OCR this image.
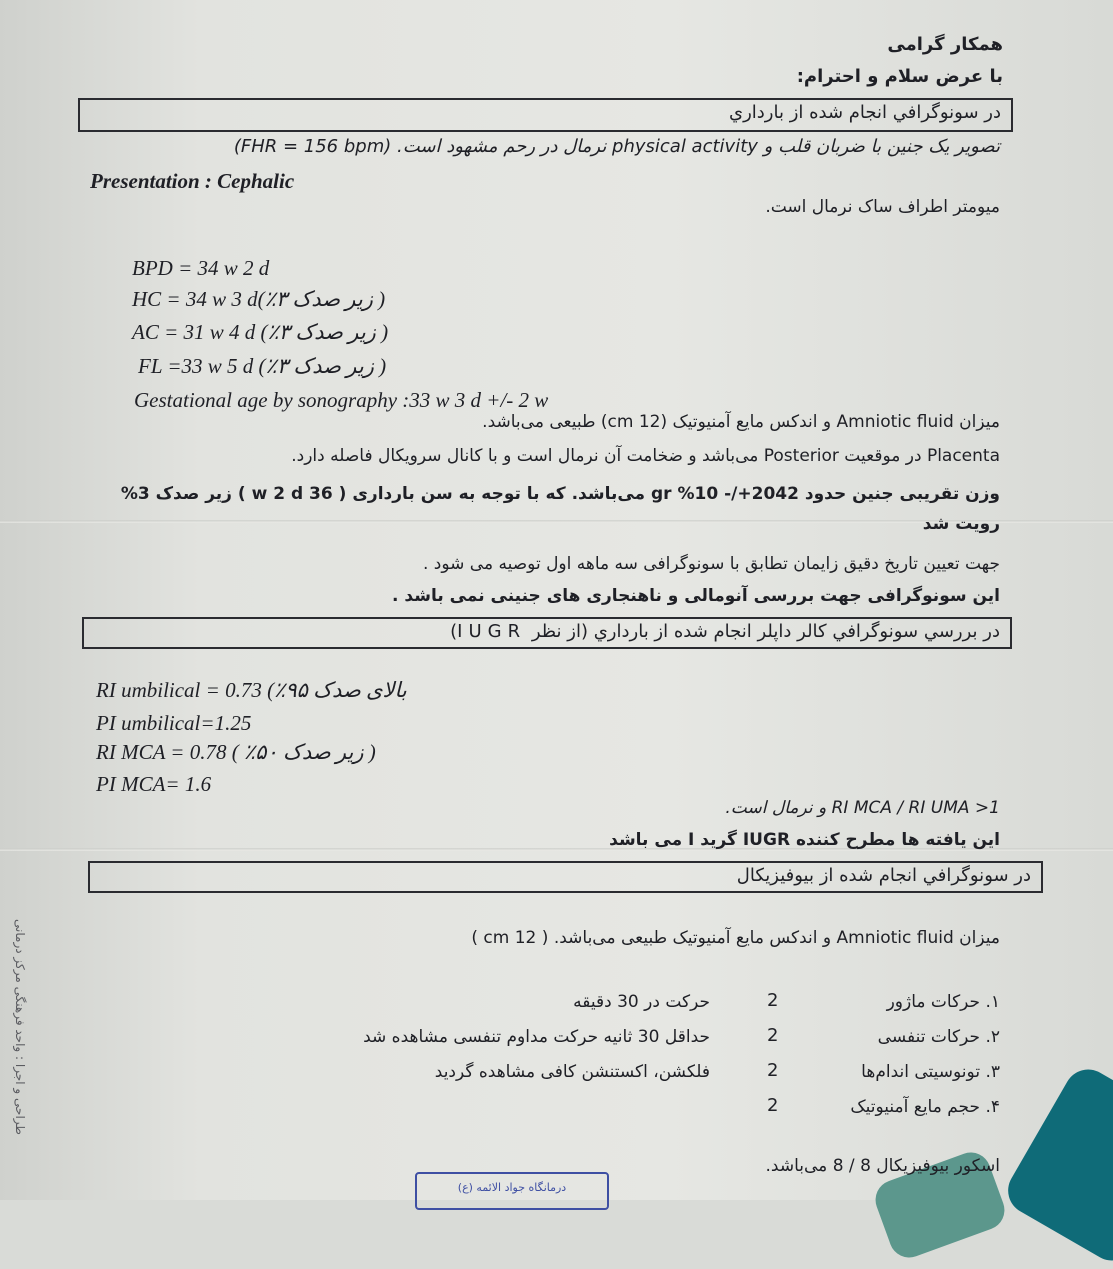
همکار گرامی
با عرض سلام و احترام:
در سونوگرافي انجام شده از بارداري
تصویر یک جنین با ضربان قلب و physical activity نرمال در رحم مشهود است. (FHR = 156 bpm)
Presentation : Cephalic
میومتر اطراف ساک نرمال است.
BPD = 34 w 2 d
HC = 34 w 3 d(٪۳ زیر صدک )
AC = 31 w 4 d (٪۳ زیر صدک )
FL =33 w 5 d (٪۳ زیر صدک )
Gestational age by sonography :33 w 3 d +/- 2 w
میزان Amniotic fluid و اندکس مایع آمنیوتیک (12 cm) طبیعی می‌باشد.
Placenta در موقعیت Posterior می‌باشد و ضخامت آن نرمال است و با کانال سرویکال فاصله دارد.
وزن تقریبی جنین حدود 2042+/- 10% gr می‌باشد. که با توجه به سن بارداری ( 36 w 2 d ) زیر صدک 3%
رویت شد
جهت تعیین تاریخ دقیق زایمان تطابق با سونوگرافی سه ماهه اول توصیه می شود .
این سونوگرافی جهت بررسی آنومالی و ناهنجاری های جنینی نمی باشد .
در بررسي سونوگرافي كالر داپلر انجام شده از بارداري (از نظر IUGR)
RI umbilical = 0.73 (٪۹۵ بالای صدک
PI umbilical=1.25
RI MCA = 0.78 ( ٪۵۰ زیر صدک )
PI MCA= 1.6
RI MCA / RI UMA >1 و نرمال است.
این یافته ها مطرح کننده IUGR گرید I می باشد
در سونوگرافي انجام شده از بيوفيزيكال
میزان Amniotic fluid و اندکس مایع آمنیوتیک طبیعی می‌باشد. ( 12 cm )
۱. حرکات ماژور
2
حرکت در 30 دقیقه
۲. حرکات تنفسی
2
حداقل 30 ثانیه حرکت مداوم تنفسی مشاهده شد
۳. تونوسیتی اندام‌ها
2
فلکشن، اکستنشن کافی مشاهده گردید
۴. حجم مایع آمنیوتیک
2
اسکور بیوفیزیکال 8 / 8 می‌باشد.
درمانگاه جواد الائمه (ع)
طراحی و اجرا : واحد فرهنگی مرکز درمانی
